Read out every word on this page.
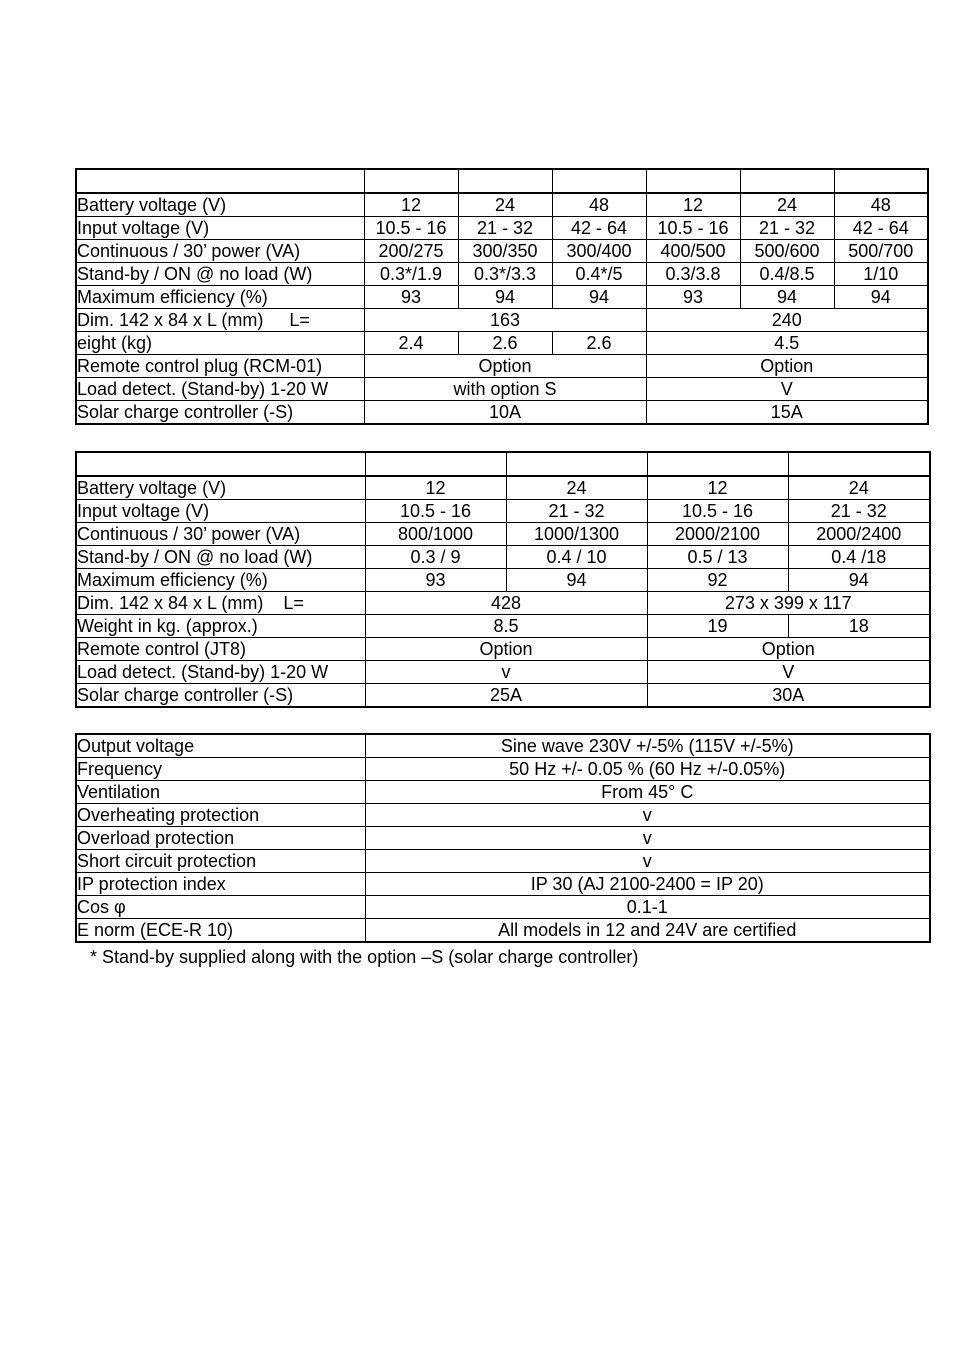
Battery voltage (V)	12	24	48	12	24	48
Input voltage (V)	10.5 - 16	21 - 32	42 - 64	10.5 - 16	21 - 32	42 - 64
Continuous / 30’ power (VA)	200/275	300/350	300/400	400/500	500/600	500/700
Stand-by / ON @ no load (W)	0.3*/1.9	0.3*/3.3	0.4*/5	0.3/3.8	0.4/8.5	1/10
Maximum efficiency (%)	93	94	94	93	94	94
Dim. 142 x 84 x L (mm) L=	163			240		
eight (kg)	2.4	2.6	2.6	4.5		
Remote control plug (RCM-01)	Option			Option		
Load detect. (Stand-by) 1-20 W	with option S			V		
Solar charge controller (-S)	10A			15A		

Battery voltage (V)	12	24	12	24
Input voltage (V)	10.5 - 16	21 - 32	10.5 - 16	21 - 32
Continuous / 30’ power (VA)	800/1000	1000/1300	2000/2100	2000/2400
Stand-by / ON @ no load (W)	0.3 / 9	0.4 / 10	0.5 / 13	0.4 /18
Maximum efficiency (%)	93	94	92	94
Dim. 142 x 84 x L (mm) L=	428		273 x 399 x 117	
Weight in kg. (approx.)	8.5		19	18
Remote control (JT8)	Option		Option	
Load detect. (Stand-by) 1-20 W	v		V	
Solar charge controller (-S)	25A		30A	
Output voltage	Sine wave 230V +/-5% (115V +/-5%)
Frequency	50 Hz +/- 0.05 % (60 Hz +/-0.05%)
Ventilation	From 45° C
Overheating protection	v
Overload protection	v
Short circuit protection	v
IP protection index	IP 30 (AJ 2100-2400 = IP 20)
Cos φ	0.1-1
E norm (ECE-R 10)	All models in 12 and 24V are certified
* Stand-by supplied along with the option –S (solar charge controller)
